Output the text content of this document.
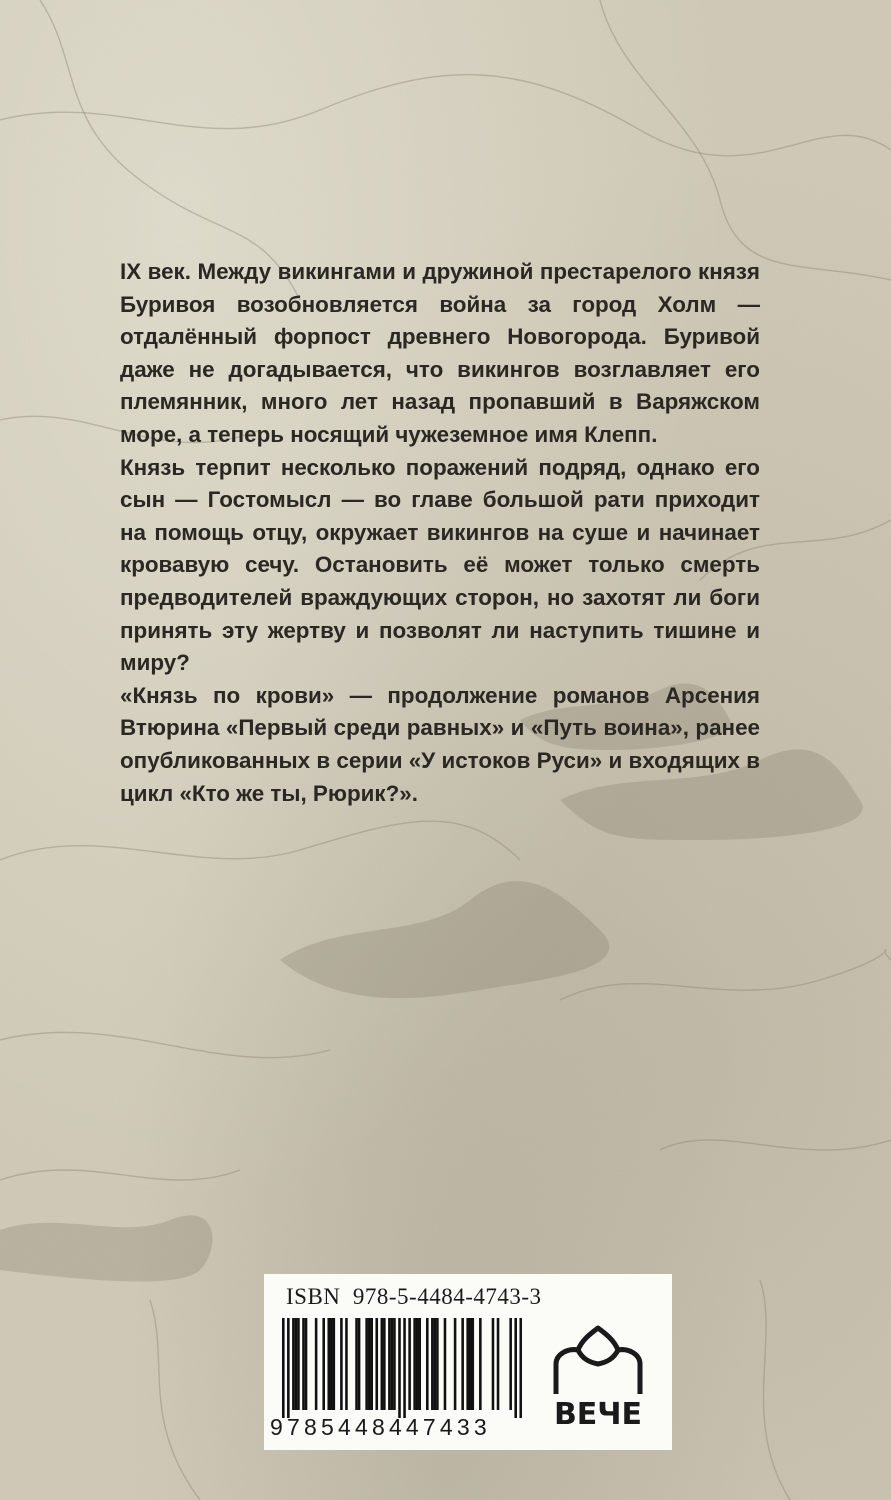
IX век. Между викингами и дружиной престарелого князя Буривоя возобновляется война за город Холм — отдалённый форпост древнего Новогорода. Буривой даже не догадывается, что викингов возглавляет его племянник, много лет назад пропавший в Варяжском море, а теперь носящий чужеземное имя Клепп.

Князь терпит несколько поражений подряд, однако его сын — Гостомысл — во главе большой рати приходит на помощь отцу, окружает викингов на суше и начинает кровавую сечу. Остановить её может только смерть предводителей враждующих сторон, но захотят ли боги принять эту жертву и позволят ли наступить тишине и миру?

«Князь по крови» — продолжение романов Арсения Втюрина «Первый среди равных» и «Путь воина», ранее опубликованных в серии «У истоков Руси» и входящих в цикл «Кто же ты, Рюрик?».

ISBN  978-5-4484-4743-3
9785448447433 ВЕЧЕ
